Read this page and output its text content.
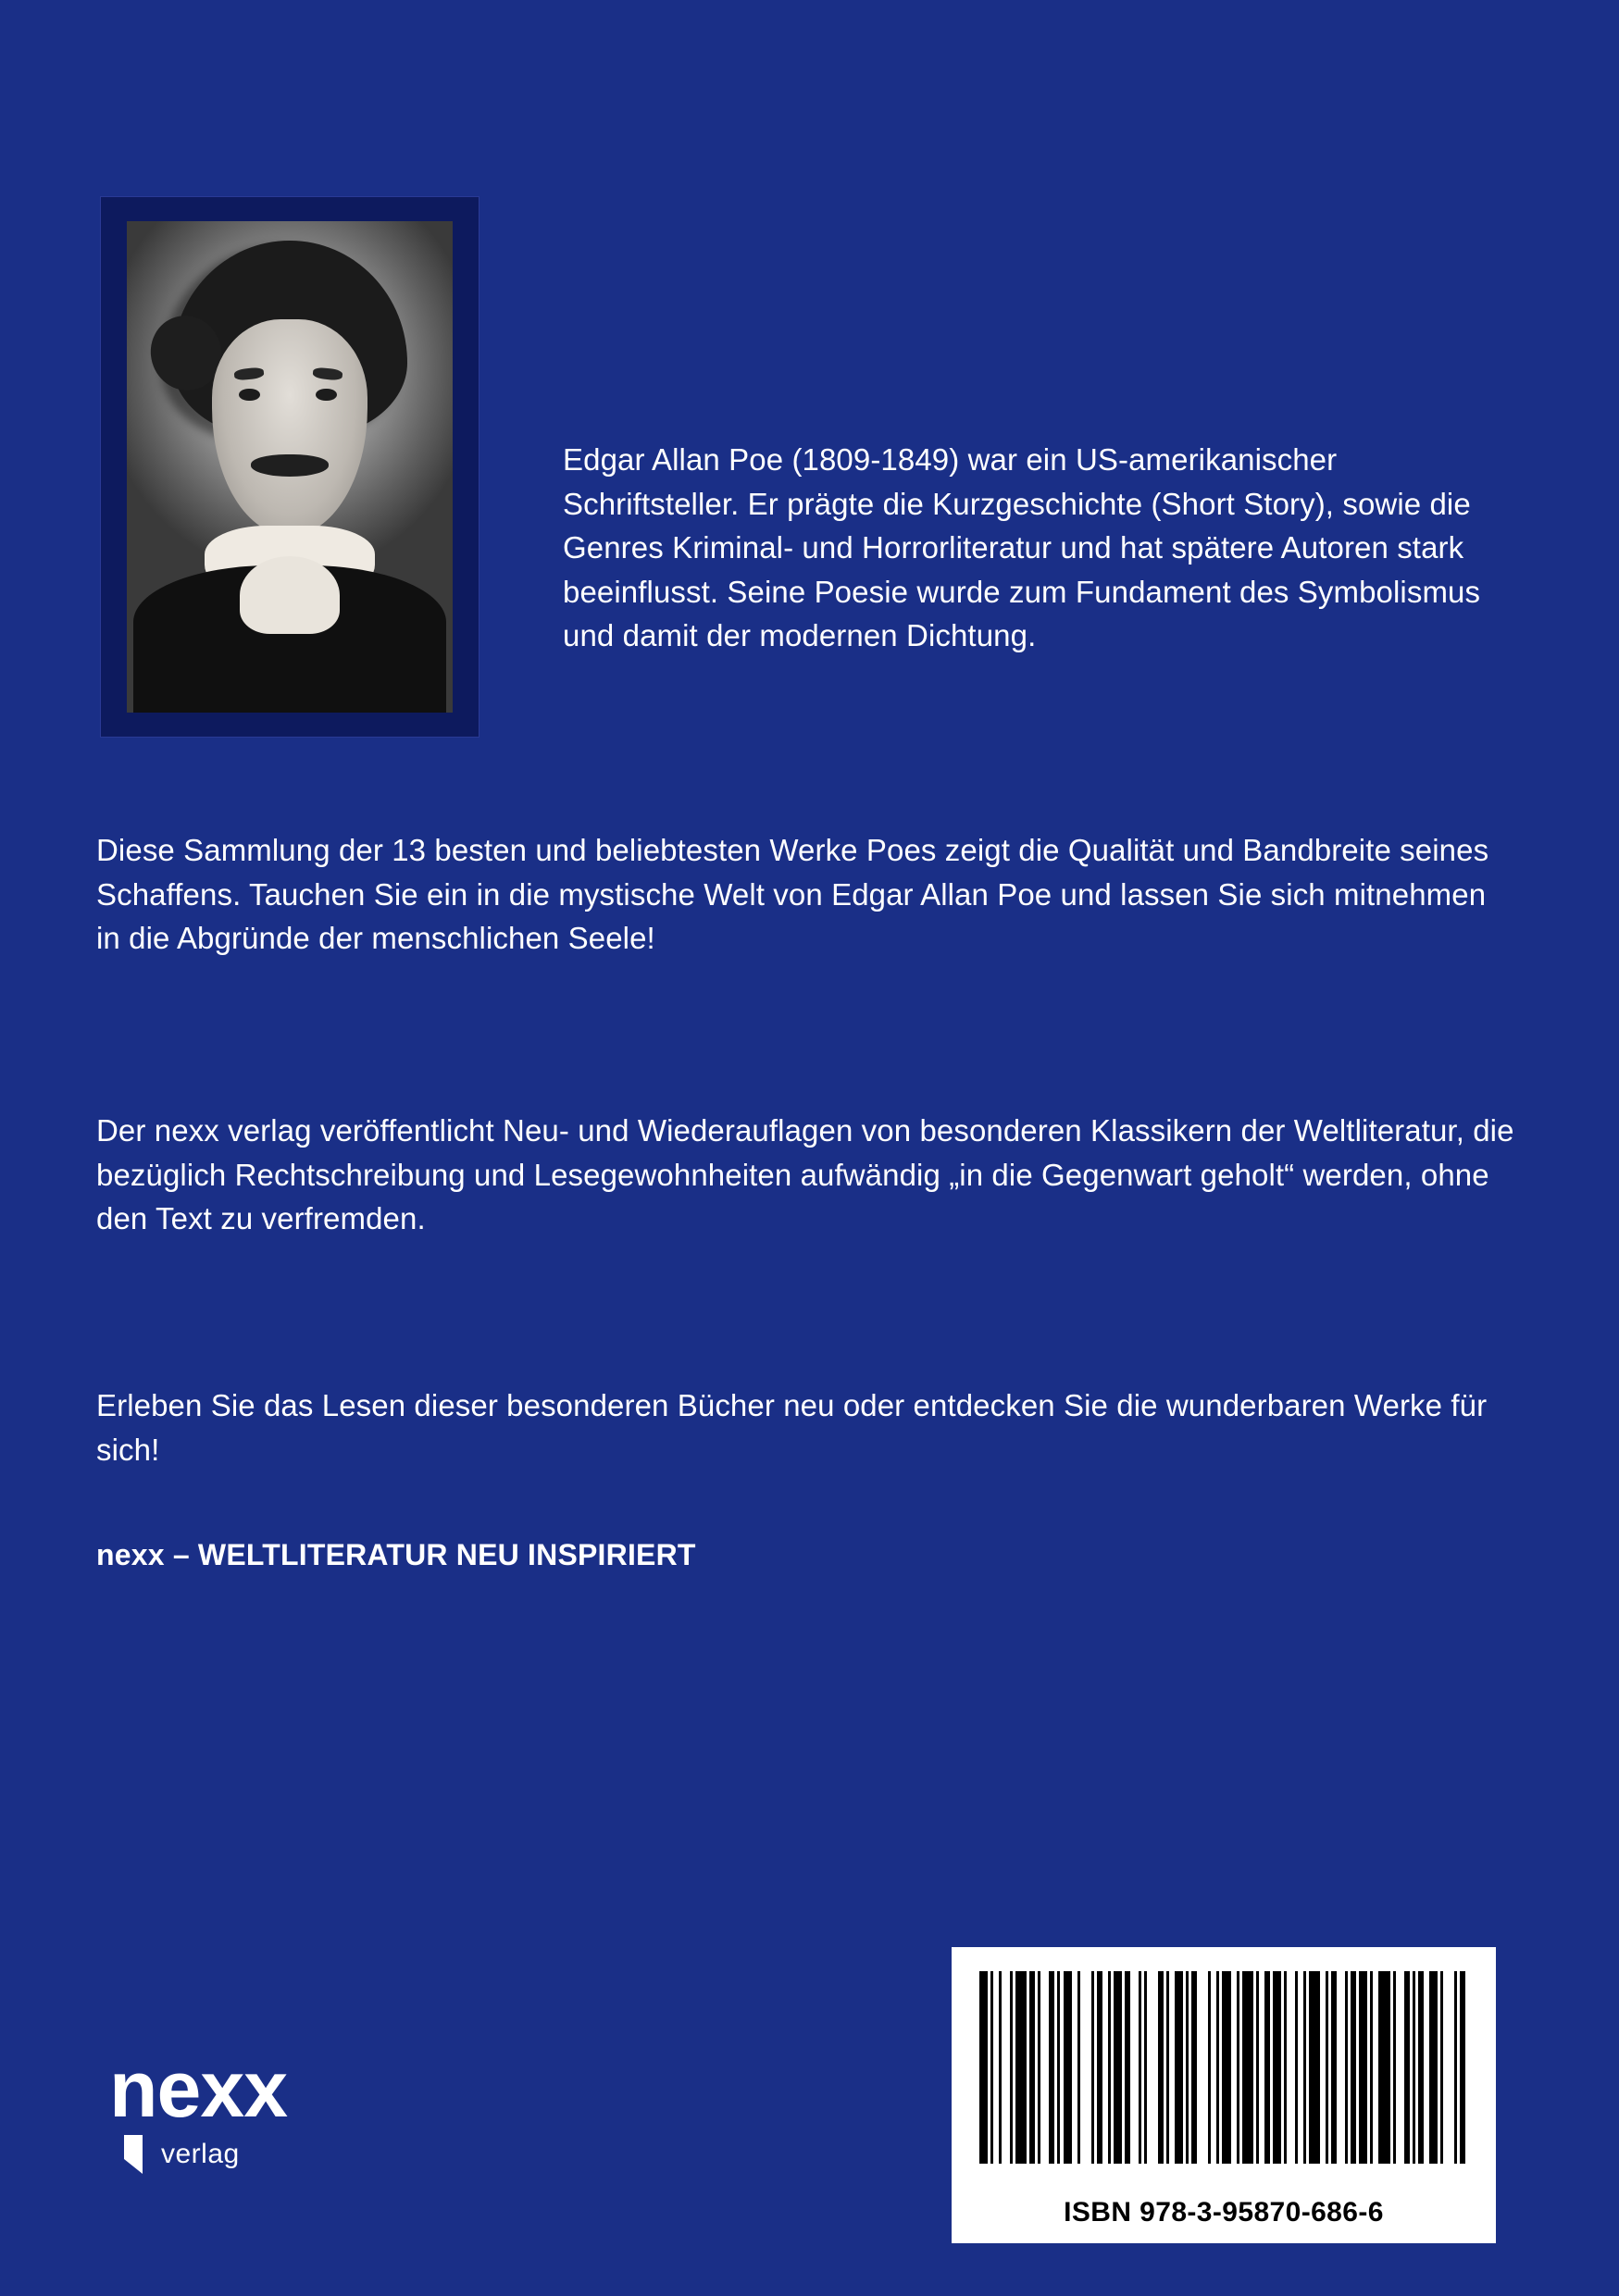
Edgar Allan Poe (1809-1849) war ein US-amerikanischer Schriftsteller. Er prägte die Kurzgeschichte (Short Story), sowie die Genres Kriminal- und Horrorliteratur und hat spätere Autoren stark beeinflusst. Seine Poesie wurde zum Fundament des Symbolismus und damit der modernen Dichtung.

Diese Sammlung der 13 besten und beliebtesten Werke Poes zeigt die Qualität und Bandbreite seines Schaffens. Tauchen Sie ein in die mystische Welt von Edgar Allan Poe und lassen Sie sich mitnehmen in die Abgründe der menschlichen Seele!

Der nexx verlag veröffentlicht Neu- und Wiederauflagen von besonderen Klassikern der Weltliteratur, die bezüglich Rechtschreibung und Lesegewohnheiten aufwändig „in die Gegenwart geholt“ werden, ohne den Text zu verfremden.

Erleben Sie das Lesen dieser besonderen Bücher neu oder entdecken Sie die wunderbaren Werke für sich!

nexx – WELTLITERATUR NEU INSPIRIERT

nexx
verlag
ISBN 978-3-95870-686-6
